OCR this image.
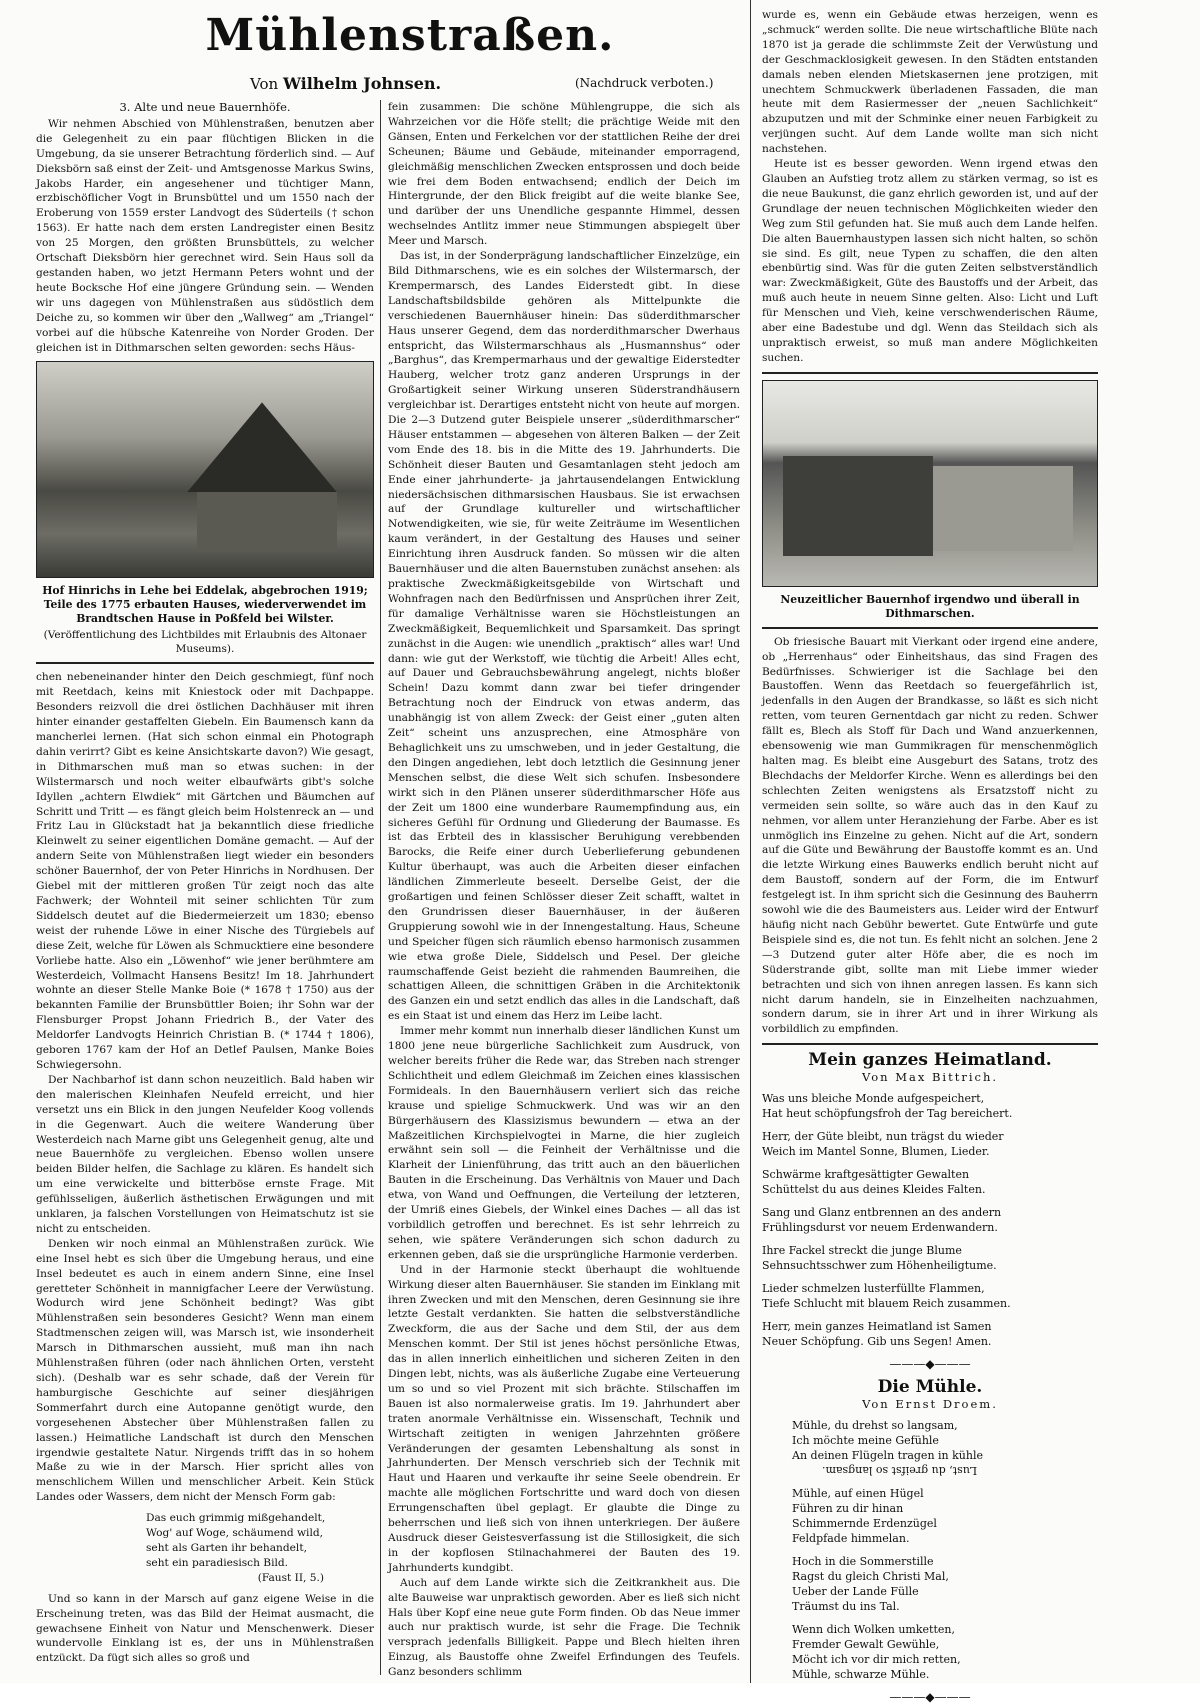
Mühlenstraßen.
Von Wilhelm Johnsen.	(Nachdruck verboten.)
3. Alte und neue Bauernhöfe.

Wir nehmen Abschied von Mühlenstraßen, benutzen aber die Gelegenheit zu ein paar flüchtigen Blicken in die Umgebung, da sie unserer Betrachtung förderlich sind. — Auf Dieksbörn saß einst der Zeit- und Amtsgenosse Markus Swins, Jakobs Harder, ein angesehener und tüchtiger Mann, erzbischöflicher Vogt in Brunsbüttel und um 1550 nach der Eroberung von 1559 erster Landvogt des Süderteils († schon 1563). Er hatte nach dem ersten Landregister einen Besitz von 25 Morgen, den größten Brunsbüttels, zu welcher Ortschaft Dieksbörn hier gerechnet wird. Sein Haus soll da gestanden haben, wo jetzt Hermann Peters wohnt und der heute Bocksche Hof eine jüngere Gründung sein. — Wenden wir uns dagegen von Mühlenstraßen aus südöstlich dem Deiche zu, so kommen wir über den „Wallweg“ am „Triangel“ vorbei auf die hübsche Katenreihe von Norder Groden. Der gleichen ist in Dithmarschen selten geworden: sechs Häus-

Hof Hinrichs in Lehe bei Eddelak, abgebrochen 1919; Teile des 1775 erbauten Hauses, wiederverwendet im Brandtschen Hause in Poßfeld bei Wilster.
(Veröffentlichung des Lichtbildes mit Erlaubnis des Altonaer Museums).

chen nebeneinander hinter den Deich geschmiegt, fünf noch mit Reetdach, keins mit Kniestock oder mit Dachpappe. Besonders reizvoll die drei östlichen Dachhäuser mit ihren hinter einander gestaffelten Giebeln. Ein Baumensch kann da mancherlei lernen. (Hat sich schon einmal ein Photograph dahin verirrt? Gibt es keine Ansichtskarte davon?) Wie gesagt, in Dithmarschen muß man so etwas suchen: in der Wilstermarsch und noch weiter elbaufwärts gibt's solche Idyllen „achtern Elwdiek“ mit Gärtchen und Bäumchen auf Schritt und Tritt — es fängt gleich beim Holstenreck an — und Fritz Lau in Glückstadt hat ja bekanntlich diese friedliche Kleinwelt zu seiner eigentlichen Domäne gemacht. — Auf der andern Seite von Mühlenstraßen liegt wieder ein besonders schöner Bauernhof, der von Peter Hinrichs in Nordhusen. Der Giebel mit der mittleren großen Tür zeigt noch das alte Fachwerk; der Wohnteil mit seiner schlichten Tür zum Siddelsch deutet auf die Biedermeierzeit um 1830; ebenso weist der ruhende Löwe in einer Nische des Türgiebels auf diese Zeit, welche für Löwen als Schmucktiere eine besondere Vorliebe hatte. Also ein „Löwenhof“ wie jener berühmtere am Westerdeich, Vollmacht Hansens Besitz! Im 18. Jahrhundert wohnte an dieser Stelle Manke Boie (* 1678 † 1750) aus der bekannten Familie der Brunsbüttler Boien; ihr Sohn war der Flensburger Propst Johann Friedrich B., der Vater des Meldorfer Landvogts Heinrich Christian B. (* 1744 † 1806), geboren 1767 kam der Hof an Detlef Paulsen, Manke Boies Schwiegersohn.

Der Nachbarhof ist dann schon neuzeitlich. Bald haben wir den malerischen Kleinhafen Neufeld erreicht, und hier versetzt uns ein Blick in den jungen Neufelder Koog vollends in die Gegenwart. Auch die weitere Wanderung über Westerdeich nach Marne gibt uns Gelegenheit genug, alte und neue Bauernhöfe zu vergleichen. Ebenso wollen unsere beiden Bilder helfen, die Sachlage zu klären. Es handelt sich um eine verwickelte und bitterböse ernste Frage. Mit gefühlsseligen, äußerlich ästhetischen Erwägungen und mit unklaren, ja falschen Vorstellungen von Heimatschutz ist sie nicht zu entscheiden.

Denken wir noch einmal an Mühlenstraßen zurück. Wie eine Insel hebt es sich über die Umgebung heraus, und eine Insel bedeutet es auch in einem andern Sinne, eine Insel geretteter Schönheit in mannigfacher Leere der Verwüstung. Wodurch wird jene Schönheit bedingt? Was gibt Mühlenstraßen sein besonderes Gesicht? Wenn man einem Stadtmenschen zeigen will, was Marsch ist, wie insonderheit Marsch in Dithmarschen aussieht, muß man ihn nach Mühlenstraßen führen (oder nach ähnlichen Orten, versteht sich). (Deshalb war es sehr schade, daß der Verein für hamburgische Geschichte auf seiner diesjährigen Sommerfahrt durch eine Autopanne genötigt wurde, den vorgesehenen Abstecher über Mühlenstraßen fallen zu lassen.) Heimatliche Landschaft ist durch den Menschen irgendwie gestaltete Natur. Nirgends trifft das in so hohem Maße zu wie in der Marsch. Hier spricht alles von menschlichem Willen und menschlicher Arbeit. Kein Stück Landes oder Wassers, dem nicht der Mensch Form gab:

Das euch grimmig mißgehandelt,
Wog' auf Woge, schäumend wild,
seht als Garten ihr behandelt,
seht ein paradiesisch Bild.
(Faust II, 5.)

Und so kann in der Marsch auf ganz eigene Weise in die Erscheinung treten, was das Bild der Heimat ausmacht, die gewachsene Einheit von Natur und Menschenwerk. Dieser wundervolle Einklang ist es, der uns in Mühlenstraßen entzückt. Da fügt sich alles so groß und

fein zusammen: Die schöne Mühlengruppe, die sich als Wahrzeichen vor die Höfe stellt; die prächtige Weide mit den Gänsen, Enten und Ferkelchen vor der stattlichen Reihe der drei Scheunen; Bäume und Gebäude, miteinander emporragend, gleichmäßig menschlichen Zwecken entsprossen und doch beide wie frei dem Boden entwachsend; endlich der Deich im Hintergrunde, der den Blick freigibt auf die weite blanke See, und darüber der uns Unendliche gespannte Himmel, dessen wechselndes Antlitz immer neue Stimmungen abspiegelt über Meer und Marsch.

Das ist, in der Sonderprägung landschaftlicher Einzelzüge, ein Bild Dithmarschens, wie es ein solches der Wilstermarsch, der Krempermarsch, des Landes Eiderstedt gibt. In diese Landschaftsbildsbilde gehören als Mittelpunkte die verschiedenen Bauernhäuser hinein: Das süderdithmarscher Haus unserer Gegend, dem das norderdithmarscher Dwerhaus entspricht, das Wilstermarschhaus als „Husmannshus“ oder „Barghus“, das Krempermarhaus und der gewaltige Eiderstedter Hauberg, welcher trotz ganz anderen Ursprungs in der Großartigkeit seiner Wirkung unseren Süderstrandhäusern vergleichbar ist. Derartiges entsteht nicht von heute auf morgen. Die 2—3 Dutzend guter Beispiele unserer „süderdithmarscher“ Häuser entstammen — abgesehen von älteren Balken — der Zeit vom Ende des 18. bis in die Mitte des 19. Jahrhunderts. Die Schönheit dieser Bauten und Gesamtanlagen steht jedoch am Ende einer jahrhunderte- ja jahrtausendelangen Entwicklung niedersächsischen dithmarsischen Hausbaus. Sie ist erwachsen auf der Grundlage kultureller und wirtschaftlicher Notwendigkeiten, wie sie, für weite Zeiträume im Wesentlichen kaum verändert, in der Gestaltung des Hauses und seiner Einrichtung ihren Ausdruck fanden. So müssen wir die alten Bauernhäuser und die alten Bauernstuben zunächst ansehen: als praktische Zweckmäßigkeitsgebilde von Wirtschaft und Wohnfragen nach den Bedürfnissen und Ansprüchen ihrer Zeit, für damalige Verhältnisse waren sie Höchstleistungen an Zweckmäßigkeit, Bequemlichkeit und Sparsamkeit. Das springt zunächst in die Augen: wie unendlich „praktisch“ alles war! Und dann: wie gut der Werkstoff, wie tüchtig die Arbeit! Alles echt, auf Dauer und Gebrauchsbewährung angelegt, nichts bloßer Schein! Dazu kommt dann zwar bei tiefer dringender Betrachtung noch der Eindruck von etwas anderm, das unabhängig ist von allem Zweck: der Geist einer „guten alten Zeit“ scheint uns anzusprechen, eine Atmosphäre von Behaglichkeit uns zu umschweben, und in jeder Gestaltung, die den Dingen angediehen, lebt doch letztlich die Gesinnung jener Menschen selbst, die diese Welt sich schufen. Insbesondere wirkt sich in den Plänen unserer süderdithmarscher Höfe aus der Zeit um 1800 eine wunderbare Raumempfindung aus, ein sicheres Gefühl für Ordnung und Gliederung der Baumasse. Es ist das Erbteil des in klassischer Beruhigung verebbenden Barocks, die Reife einer durch Ueberlieferung gebundenen Kultur überhaupt, was auch die Arbeiten dieser einfachen ländlichen Zimmerleute beseelt. Derselbe Geist, der die großartigen und feinen Schlösser dieser Zeit schafft, waltet in den Grundrissen dieser Bauernhäuser, in der äußeren Gruppierung sowohl wie in der Innengestaltung. Haus, Scheune und Speicher fügen sich räumlich ebenso harmonisch zusammen wie etwa große Diele, Siddelsch und Pesel. Der gleiche raumschaffende Geist bezieht die rahmenden Baumreihen, die schattigen Alleen, die schnittigen Gräben in die Architektonik des Ganzen ein und setzt endlich das alles in die Landschaft, daß es ein Staat ist und einem das Herz im Leibe lacht.

Immer mehr kommt nun innerhalb dieser ländlichen Kunst um 1800 jene neue bürgerliche Sachlichkeit zum Ausdruck, von welcher bereits früher die Rede war, das Streben nach strenger Schlichtheit und edlem Gleichmaß im Zeichen eines klassischen Formideals. In den Bauernhäusern verliert sich das reiche krause und spielige Schmuckwerk. Und was wir an den Bürgerhäusern des Klassizismus bewundern — etwa an der Maßzeitlichen Kirchspielvogtei in Marne, die hier zugleich erwähnt sein soll — die Feinheit der Verhältnisse und die Klarheit der Linienführung, das tritt auch an den bäuerlichen Bauten in die Erscheinung. Das Verhältnis von Mauer und Dach etwa, von Wand und Oeffnungen, die Verteilung der letzteren, der Umriß eines Giebels, der Winkel eines Daches — all das ist vorbildlich getroffen und berechnet. Es ist sehr lehrreich zu sehen, wie spätere Veränderungen sich schon dadurch zu erkennen geben, daß sie die ursprüngliche Harmonie verderben.

Und in der Harmonie steckt überhaupt die wohltuende Wirkung dieser alten Bauernhäuser. Sie standen im Einklang mit ihren Zwecken und mit den Menschen, deren Gesinnung sie ihre letzte Gestalt verdankten. Sie hatten die selbstverständliche Zweckform, die aus der Sache und dem Stil, der aus dem Menschen kommt. Der Stil ist jenes höchst persönliche Etwas, das in allen innerlich einheitlichen und sicheren Zeiten in den Dingen lebt, nichts, was als äußerliche Zugabe eine Verteuerung um so und so viel Prozent mit sich brächte. Stilschaffen im Bauen ist also normalerweise gratis. Im 19. Jahrhundert aber traten anormale Verhältnisse ein. Wissenschaft, Technik und Wirtschaft zeitigten in wenigen Jahrzehnten größere Veränderungen der gesamten Lebenshaltung als sonst in Jahrhunderten. Der Mensch verschrieb sich der Technik mit Haut und Haaren und verkaufte ihr seine Seele obendrein. Er machte alle möglichen Fortschritte und ward doch von diesen Errungenschaften übel geplagt. Er glaubte die Dinge zu beherrschen und ließ sich von ihnen unterkriegen. Der äußere Ausdruck dieser Geistesverfassung ist die Stillosigkeit, die sich in der kopflosen Stilnachahmerei der Bauten des 19. Jahrhunderts kundgibt.

Auch auf dem Lande wirkte sich die Zeitkrankheit aus. Die alte Bauweise war unpraktisch geworden. Aber es ließ sich nicht Hals über Kopf eine neue gute Form finden. Ob das Neue immer auch nur praktisch wurde, ist sehr die Frage. Die Technik versprach jedenfalls Billigkeit. Pappe und Blech hielten ihren Einzug, als Baustoffe ohne Zweifel Erfindungen des Teufels. Ganz besonders schlimm

wurde es, wenn ein Gebäude etwas herzeigen, wenn es „schmuck“ werden sollte. Die neue wirtschaftliche Blüte nach 1870 ist ja gerade die schlimmste Zeit der Verwüstung und der Geschmacklosigkeit gewesen. In den Städten entstanden damals neben elenden Mietskasernen jene protzigen, mit unechtem Schmuckwerk überladenen Fassaden, die man heute mit dem Rasiermesser der „neuen Sachlichkeit“ abzuputzen und mit der Schminke einer neuen Farbigkeit zu verjüngen sucht. Auf dem Lande wollte man sich nicht nachstehen.

Heute ist es besser geworden. Wenn irgend etwas den Glauben an Aufstieg trotz allem zu stärken vermag, so ist es die neue Baukunst, die ganz ehrlich geworden ist, und auf der Grundlage der neuen technischen Möglichkeiten wieder den Weg zum Stil gefunden hat. Sie muß auch dem Lande helfen. Die alten Bauernhaustypen lassen sich nicht halten, so schön sie sind. Es gilt, neue Typen zu schaffen, die den alten ebenbürtig sind. Was für die guten Zeiten selbstverständlich war: Zweckmäßigkeit, Güte des Baustoffs und der Arbeit, das muß auch heute in neuem Sinne gelten. Also: Licht und Luft für Menschen und Vieh, keine verschwenderischen Räume, aber eine Badestube und dgl. Wenn das Steildach sich als unpraktisch erweist, so muß man andere Möglichkeiten suchen.

Neuzeitlicher Bauernhof irgendwo und überall in Dithmarschen.

Ob friesische Bauart mit Vierkant oder irgend eine andere, ob „Herrenhaus“ oder Einheitshaus, das sind Fragen des Bedürfnisses. Schwieriger ist die Sachlage bei den Baustoffen. Wenn das Reetdach so feuergefährlich ist, jedenfalls in den Augen der Brandkasse, so läßt es sich nicht retten, vom teuren Gernentdach gar nicht zu reden. Schwer fällt es, Blech als Stoff für Dach und Wand anzuerkennen, ebensowenig wie man Gummikragen für menschenmöglich halten mag. Es bleibt eine Ausgeburt des Satans, trotz des Blechdachs der Meldorfer Kirche. Wenn es allerdings bei den schlechten Zeiten wenigstens als Ersatzstoff nicht zu vermeiden sein sollte, so wäre auch das in den Kauf zu nehmen, vor allem unter Heranziehung der Farbe. Aber es ist unmöglich ins Einzelne zu gehen. Nicht auf die Art, sondern auf die Güte und Bewährung der Baustoffe kommt es an. Und die letzte Wirkung eines Bauwerks endlich beruht nicht auf dem Baustoff, sondern auf der Form, die im Entwurf festgelegt ist. In ihm spricht sich die Gesinnung des Bauherrn sowohl wie die des Baumeisters aus. Leider wird der Entwurf häufig nicht nach Gebühr bewertet. Gute Entwürfe und gute Beispiele sind es, die not tun. Es fehlt nicht an solchen. Jene 2—3 Dutzend guter alter Höfe aber, die es noch im Süderstrande gibt, sollte man mit Liebe immer wieder betrachten und sich von ihnen anregen lassen. Es kann sich nicht darum handeln, sie in Einzelheiten nachzuahmen, sondern darum, sie in ihrer Art und in ihrer Wirkung als vorbildlich zu empfinden.

Mein ganzes Heimatland.
Von Max Bittrich.
Was uns bleiche Monde aufgespeichert,
Hat heut schöpfungsfroh der Tag bereichert.
Herr, der Güte bleibt, nun trägst du wieder
Weich im Mantel Sonne, Blumen, Lieder.
Schwärme kraftgesättigter Gewalten
Schüttelst du aus deines Kleides Falten.
Sang und Glanz entbrennen an des andern
Frühlingsdurst vor neuem Erdenwandern.
Ihre Fackel streckt die junge Blume
Sehnsuchtsschwer zum Höhenheiligtume.
Lieder schmelzen lusterfüllte Flammen,
Tiefe Schlucht mit blauem Reich zusammen.
Herr, mein ganzes Heimatland ist Samen
Neuer Schöpfung. Gib uns Segen! Amen.
———◆———
Die Mühle.
Von Ernst Droem.
Mühle, du drehst so langsam,
Ich möchte meine Gefühle
An deinen Flügeln tragen in kühle
Lust, du greifst so langsam.
Mühle, auf einen Hügel
Führen zu dir hinan
Schimmernde Erdenzügel
Feldpfade himmelan.
Hoch in die Sommerstille
Ragst du gleich Christi Mal,
Ueber der Lande Fülle
Träumst du ins Tal.
Wenn dich Wolken umketten,
Fremder Gewalt Gewühle,
Möcht ich vor dir mich retten,
Mühle, schwarze Mühle.
———◆———
